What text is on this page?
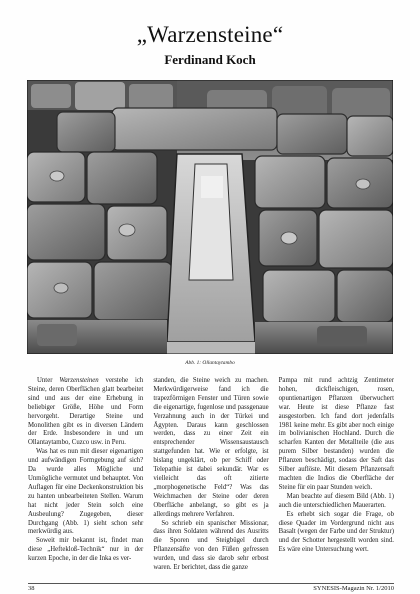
„Warzensteine“
Ferdinand Koch
Abb. 1: Ollantaytambo

Unter Warzensteinen verstehe ich Steine, deren Oberflächen glatt bearbeitet sind und aus der eine Erhebung in beliebiger Größe, Höhe und Form hervorgeht. Derartige Steine und Monolithen gibt es in diversen Ländern der Erde. Insbesondere in und um Ollantaytambo, Cuzco usw. in Peru.

Was hat es nun mit dieser eigenartigen und aufwändigen Formgebung auf sich? Da wurde alles Mögliche und Unmögliche vermutet und behauptet. Von Auflagen für eine Deckenkonstruktion bis zu hanten unbearbeiteten Stellen. Warum hat nicht jeder Stein solch eine Ausbeulung? Zugegeben, dieser Durchgang (Abb. 1) sieht schon sehr merkwürdig aus.

Soweit mir bekannt ist, findet man diese „Heftekloß-Technik“ nur in der kurzen Epoche, in der die Inka es ver-

standen, die Steine weich zu machen. Merkwürdigerweise fand ich die trapezförmigen Fenster und Türen sowie die eigenartige, fugenlose und passgenaue Verzahnung auch in der Türkei und Ägypten. Daraus kann geschlossen werden, dass zu einer Zeit ein entsprechender Wissensaustausch stattgefunden hat. Wie er erfolgte, ist bislang ungeklärt, ob per Schiff oder Telepathie ist dabei sekundär. War es vielleicht das oft zitierte „morphogenetische Feld“? Was das Weichmachen der Steine oder deren Oberfläche anbelangt, so gibt es ja allerdings mehrere Verfahren.

So schrieb ein spanischer Missionar, dass ihren Soldaten während des Ausritts die Sporen und Steigbügel durch Pflanzensäfte von den Füßen gefressen wurden, und dass sie darob sehr erbost waren. Er berichtet, dass die ganze

Pampa mit rund achtzig Zentimeter hohen, dickfleischigen, rosen, opuntienartigen Pflanzen überwuchert war. Heute ist diese Pflanze fast ausgestorben. Ich fand dort jedenfalls 1981 keine mehr. Es gibt aber noch einige im bolivianischen Hochland. Durch die scharfen Kanten der Metallteile (die aus purem Silber bestanden) wurden die Pflanzen beschädigt, sodass der Saft das Silber auflöste. Mit diesem Pflanzensaft machten die Indios die Oberfläche der Steine für ein paar Stunden weich.

Man beachte auf diesem Bild (Abb. 1) auch die unterschiedlichen Mauerarten.

Es erhebt sich sogar die Frage, ob diese Quader im Vordergrund nicht aus Basalt (wegen der Farbe und der Struktur) und der Schotter hergestellt worden sind. Es wäre eine Untersuchung wert.

38	SYNESIS-Magazin Nr. 1/2010
